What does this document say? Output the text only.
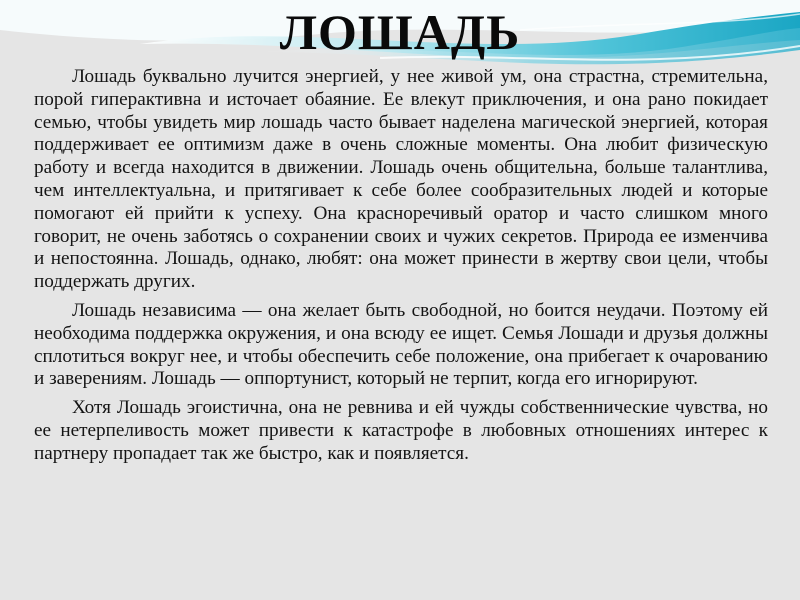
ЛОШАДЬ

Лошадь буквально лучится энергией, у нее живой ум, она страстна, стремительна, порой гиперактивна и источает обаяние. Ее влекут приключения, и она рано покидает семью, чтобы увидеть мир лошадь часто бывает наделена магической энергией, которая поддерживает ее оптимизм даже в очень сложные моменты. Она любит физическую работу и всегда находится в движении. Лошадь очень общительна, больше талантлива, чем интеллектуальна, и притягивает к себе более сообразительных людей и которые помогают ей прийти к успеху. Она красноречивый оратор и часто слишком много говорит, не очень заботясь о сохранении своих и чужих секретов. Природа ее изменчива и непостоянна. Лошадь, однако, любят: она может принести в жертву свои цели, чтобы поддержать других.

Лошадь независима — она желает быть свободной, но боится неудачи. Поэтому ей необходима поддержка окружения, и она всюду ее ищет. Семья Лошади и друзья должны сплотиться вокруг нее, и чтобы обеспечить себе положение, она прибегает к очарованию и заверениям. Лошадь — оппортунист, который не терпит, когда его игнорируют.

Хотя Лошадь эгоистична, она не ревнива и ей чужды собственнические чувства, но ее нетерпеливость может привести к катастрофе в любовных отношениях интерес к партнеру пропадает так же быстро, как и появляется.
